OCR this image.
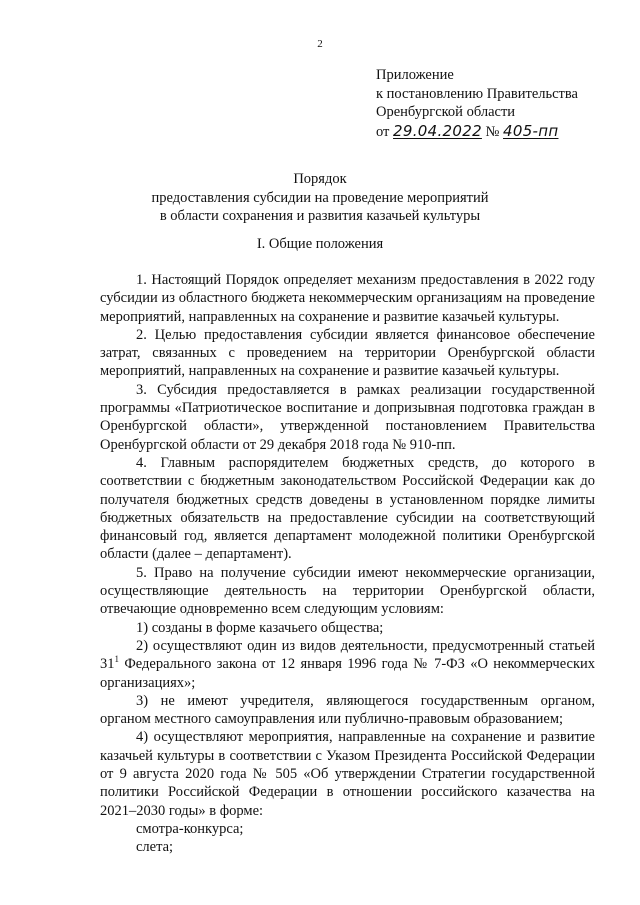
2
Приложение
к постановлению Правительства
Оренбургской области
от 29.04.2022 № 405-пп
Порядок
предоставления субсидии на проведение мероприятий
в области сохранения и развития казачьей культуры
I. Общие положения

1. Настоящий Порядок определяет механизм предоставления в 2022 году субсидии из областного бюджета некоммерческим организациям на проведение мероприятий, направленных на сохранение и развитие казачьей культуры.

2. Целью предоставления субсидии является финансовое обеспечение затрат, связанных с проведением на территории Оренбургской области мероприятий, направленных на сохранение и развитие казачьей культуры.

3. Субсидия предоставляется в рамках реализации государственной программы «Патриотическое воспитание и допризывная подготовка граждан в Оренбургской области», утвержденной постановлением Правительства Оренбургской области от 29 декабря 2018 года № 910-пп.

4. Главным распорядителем бюджетных средств, до которого в соответствии с бюджетным законодательством Российской Федерации как до получателя бюджетных средств доведены в установленном порядке лимиты бюджетных обязательств на предоставление субсидии на соответствующий финансовый год, является департамент молодежной политики Оренбургской области (далее – департамент).

5. Право на получение субсидии имеют некоммерческие организации, осуществляющие деятельность на территории Оренбургской области, отвечающие одновременно всем следующим условиям:

1) созданы в форме казачьего общества;

2) осуществляют один из видов деятельности, предусмотренный статьей $31^1$ Федерального закона от 12 января 1996 года № 7-ФЗ «О некоммерческих организациях»;

3) не имеют учредителя, являющегося государственным органом, органом местного самоуправления или публично-правовым образованием;

4) осуществляют мероприятия, направленные на сохранение и развитие казачьей культуры в соответствии с Указом Президента Российской Федерации от 9 августа 2020 года № 505 «Об утверждении Стратегии государственной политики Российской Федерации в отношении российского казачества на 2021–2030 годы» в форме:

смотра-конкурса;

слета;
